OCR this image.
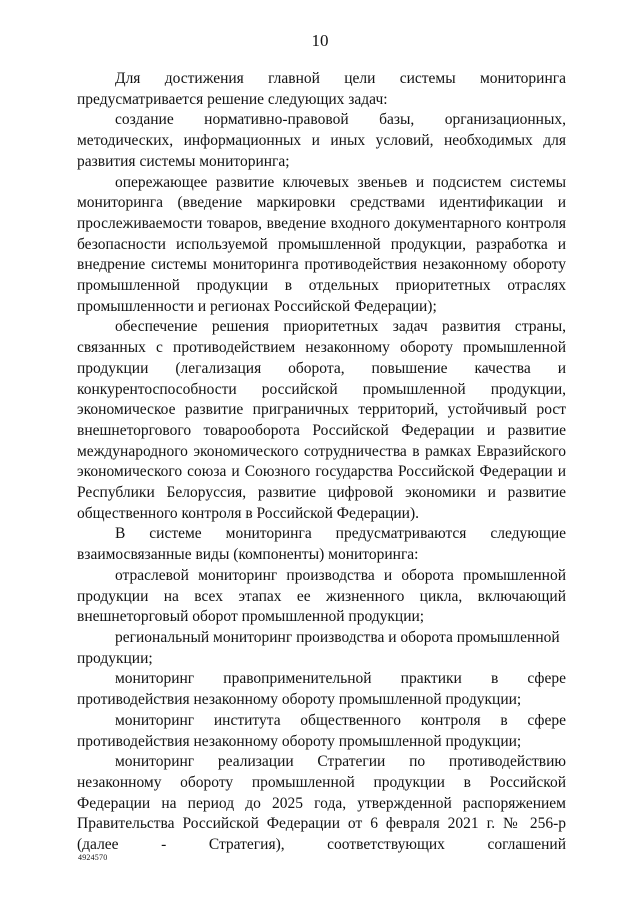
10

Для достижения главной цели системы мониторинга предусматривается решение следующих задач:

создание нормативно-правовой базы, организационных, методических, информационных и иных условий, необходимых для развития системы мониторинга;

опережающее развитие ключевых звеньев и подсистем системы мониторинга (введение маркировки средствами идентификации и прослеживаемости товаров, введение входного документарного контроля безопасности используемой промышленной продукции, разработка и внедрение системы мониторинга противодействия незаконному обороту промышленной продукции в отдельных приоритетных отраслях промышленности и регионах Российской Федерации);

обеспечение решения приоритетных задач развития страны, связанных с противодействием незаконному обороту промышленной продукции (легализация оборота, повышение качества и конкурентоспособности российской промышленной продукции, экономическое развитие приграничных территорий, устойчивый рост внешнеторгового товарооборота Российской Федерации и развитие международного экономического сотрудничества в рамках Евразийского экономического союза и Союзного государства Российской Федерации и Республики Белоруссия, развитие цифровой экономики и развитие общественного контроля в Российской Федерации).

В системе мониторинга предусматриваются следующие взаимосвязанные виды (компоненты) мониторинга:

отраслевой мониторинг производства и оборота промышленной продукции на всех этапах ее жизненного цикла, включающий внешнеторговый оборот промышленной продукции;

региональный мониторинг производства и оборота промышленной продукции;

мониторинг правоприменительной практики в сфере противодействия незаконному обороту промышленной продукции;

мониторинг института общественного контроля в сфере противодействия незаконному обороту промышленной продукции;

мониторинг реализации Стратегии по противодействию незаконному обороту промышленной продукции в Российской Федерации на период до 2025 года, утвержденной распоряжением Правительства Российской Федерации от 6 февраля 2021 г. № 256-р (далее - Стратегия), соответствующих соглашений

4924570
